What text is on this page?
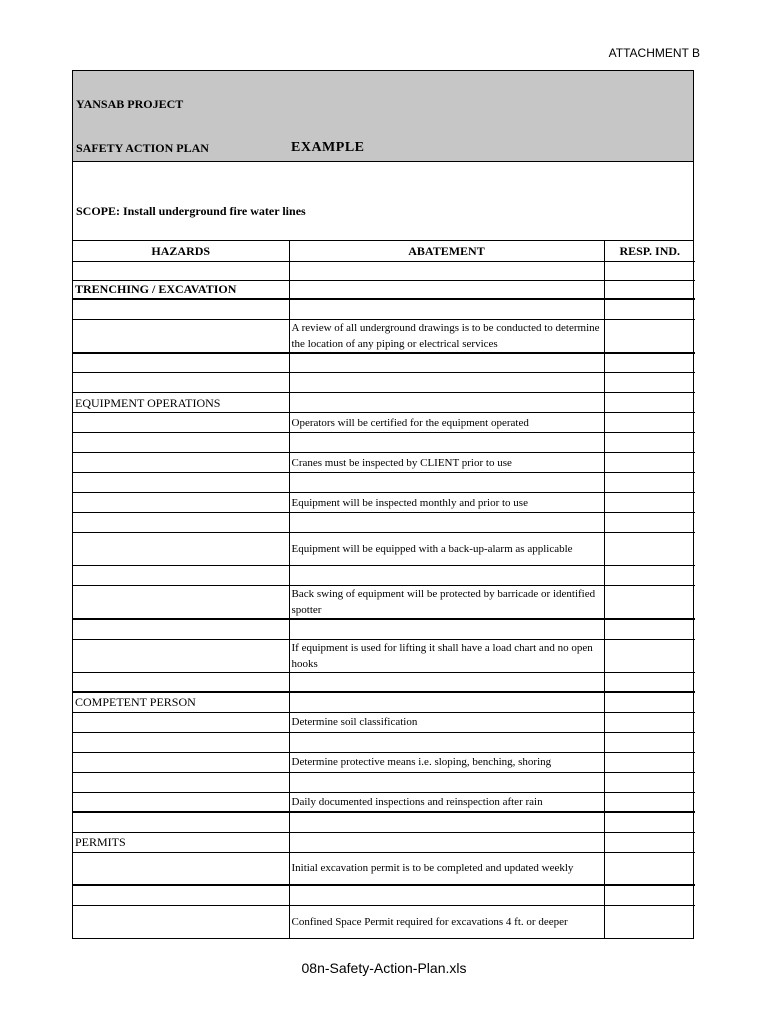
ATTACHMENT B
YANSAB PROJECT
SAFETY ACTION PLAN	EXAMPLE
SCOPE: Install underground fire water lines
HAZARDS	ABATEMENT	RESP. IND.

TRENCHING / EXCAVATION		

	A review of all underground drawings is to be conducted to determine the location of any piping or electrical services	

EQUIPMENT OPERATIONS		
	Operators will be certified for the equipment operated	

	Cranes must be inspected by CLIENT prior to use	

	Equipment will be inspected monthly and prior to use	

	Equipment will be equipped with a back-up-alarm as applicable	

	Back swing of equipment will be protected by barricade or identified spotter	

	If equipment is used for lifting it shall have a load chart and no open hooks	

COMPETENT PERSON		
	Determine soil classification	

	Determine protective means i.e. sloping, benching, shoring	

	Daily documented inspections and reinspection after rain	

PERMITS		
	Initial excavation permit is to be completed and updated weekly	

	Confined Space Permit required for excavations 4 ft. or deeper	
08n-Safety-Action-Plan.xls
